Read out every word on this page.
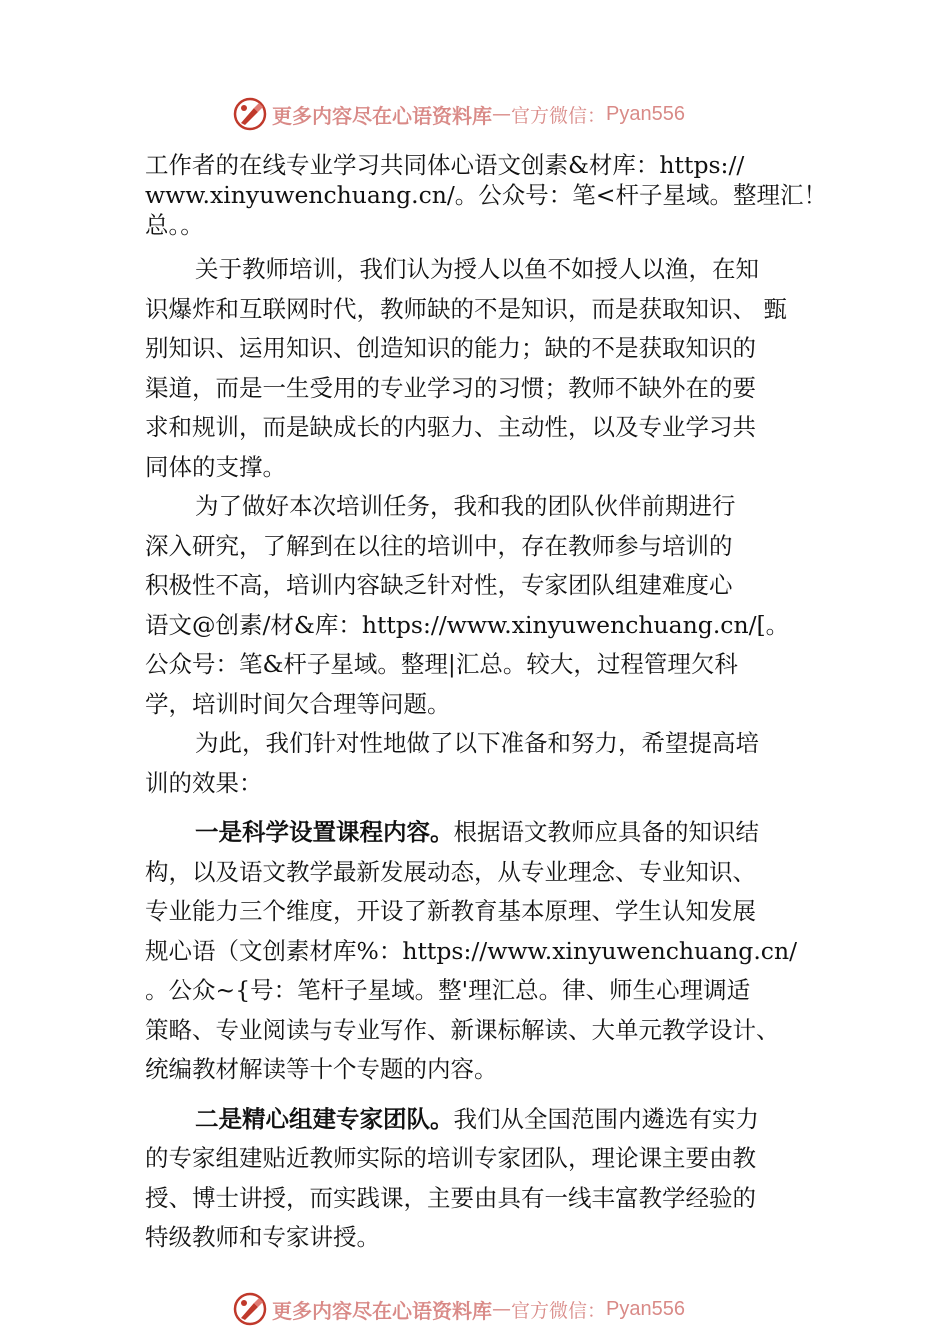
更多内容尽在心语资料库 — 官方微信： Pyan556
工作者的在线专业学习共同体心语文创素&材库：https://
www.xinyuwenchuang.cn/。公众号：笔<杆子星域。整理汇！
总。。
关于教师培训，我们认为授人以鱼不如授人以渔，在知
识爆炸和互联网时代，教师缺的不是知识，而是获取知识、 甄
别知识、运用知识、创造知识的能力；缺的不是获取知识的
渠道，而是一生受用的专业学习的习惯；教师不缺外在的要
求和规训，而是缺成长的内驱力、主动性，以及专业学习共
同体的支撑。
为了做好本次培训任务，我和我的团队伙伴前期进行
深入研究，了解到在以往的培训中，存在教师参与培训的
积极性不高，培训内容缺乏针对性，专家团队组建难度心
语文@创素/材&库：https://www.xinyuwenchuang.cn/[。
公众号：笔&杆子星域。整理|汇总。较大，过程管理欠科
学，培训时间欠合理等问题。
为此，我们针对性地做了以下准备和努力，希望提高培
训的效果：
一是科学设置课程内容。根据语文教师应具备的知识结
构，以及语文教学最新发展动态，从专业理念、专业知识、
专业能力三个维度，开设了新教育基本原理、学生认知发展
规心语（文创素材库%：https://www.xinyuwenchuang.cn/
。公众~{号：笔杆子星域。整'理汇总。律、师生心理调适
策略、专业阅读与专业写作、新课标解读、大单元教学设计、
统编教材解读等十个专题的内容。
二是精心组建专家团队。我们从全国范围内遴选有实力
的专家组建贴近教师实际的培训专家团队，理论课主要由教
授、博士讲授，而实践课，主要由具有一线丰富教学经验的
特级教师和专家讲授。
更多内容尽在心语资料库 — 官方微信： Pyan556
